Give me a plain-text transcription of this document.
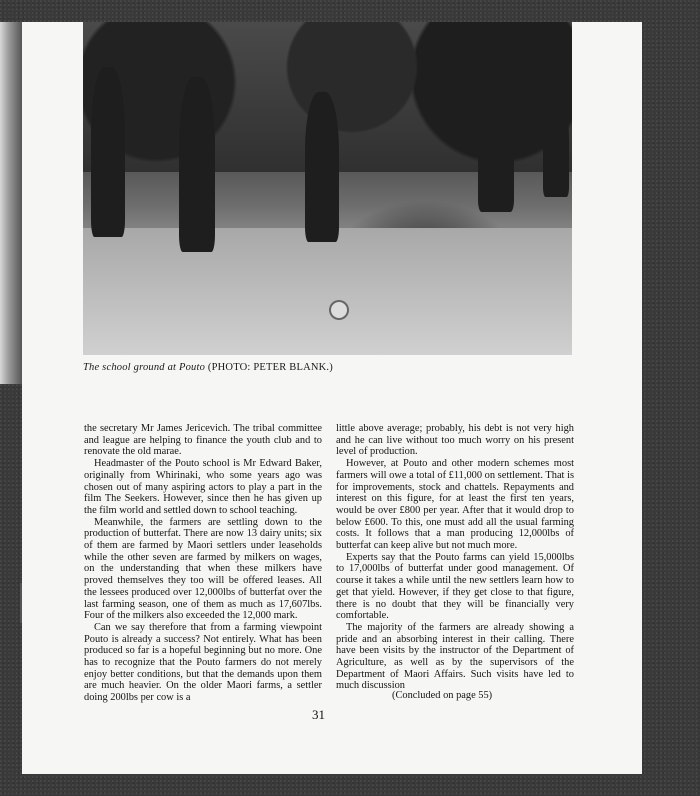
The school ground at Pouto (PHOTO: PETER BLANK.)

the secretary Mr James Jericevich. The tribal committee and league are helping to finance the youth club and to renovate the old marae.

Headmaster of the Pouto school is Mr Edward Baker, originally from Whirinaki, who some years ago was chosen out of many aspiring actors to play a part in the film The Seekers. However, since then he has given up the film world and settled down to school teaching.

Meanwhile, the farmers are settling down to the production of butterfat. There are now 13 dairy units; six of them are farmed by Maori settlers under leaseholds while the other seven are farmed by milkers on wages, on the understanding that when these milkers have proved themselves they too will be offered leases. All the lessees produced over 12,000lbs of butterfat over the last farming season, one of them as much as 17,607lbs. Four of the milkers also exceeded the 12,000 mark.

Can we say therefore that from a farming viewpoint Pouto is already a success? Not entirely. What has been produced so far is a hopeful beginning but no more. One has to recognize that the Pouto farmers do not merely enjoy better conditions, but that the demands upon them are much heavier. On the older Maori farms, a settler doing 200lbs per cow is a

little above average; probably, his debt is not very high and he can live without too much worry on his present level of production.

However, at Pouto and other modern schemes most farmers will owe a total of £11,000 on settlement. That is for improvements, stock and chattels. Repayments and interest on this figure, for at least the first ten years, would be over £800 per year. After that it would drop to below £600. To this, one must add all the usual farming costs. It follows that a man producing 12,000lbs of butterfat can keep alive but not much more.

Experts say that the Pouto farms can yield 15,000lbs to 17,000lbs of butterfat under good management. Of course it takes a while until the new settlers learn how to get that yield. However, if they get close to that figure, there is no doubt that they will be financially very comfortable.

The majority of the farmers are already showing a pride and an absorbing interest in their calling. There have been visits by the instructor of the Department of Agriculture, as well as by the supervisors of the Department of Maori Affairs. Such visits have led to much discussion

(Concluded on page 55)
31
